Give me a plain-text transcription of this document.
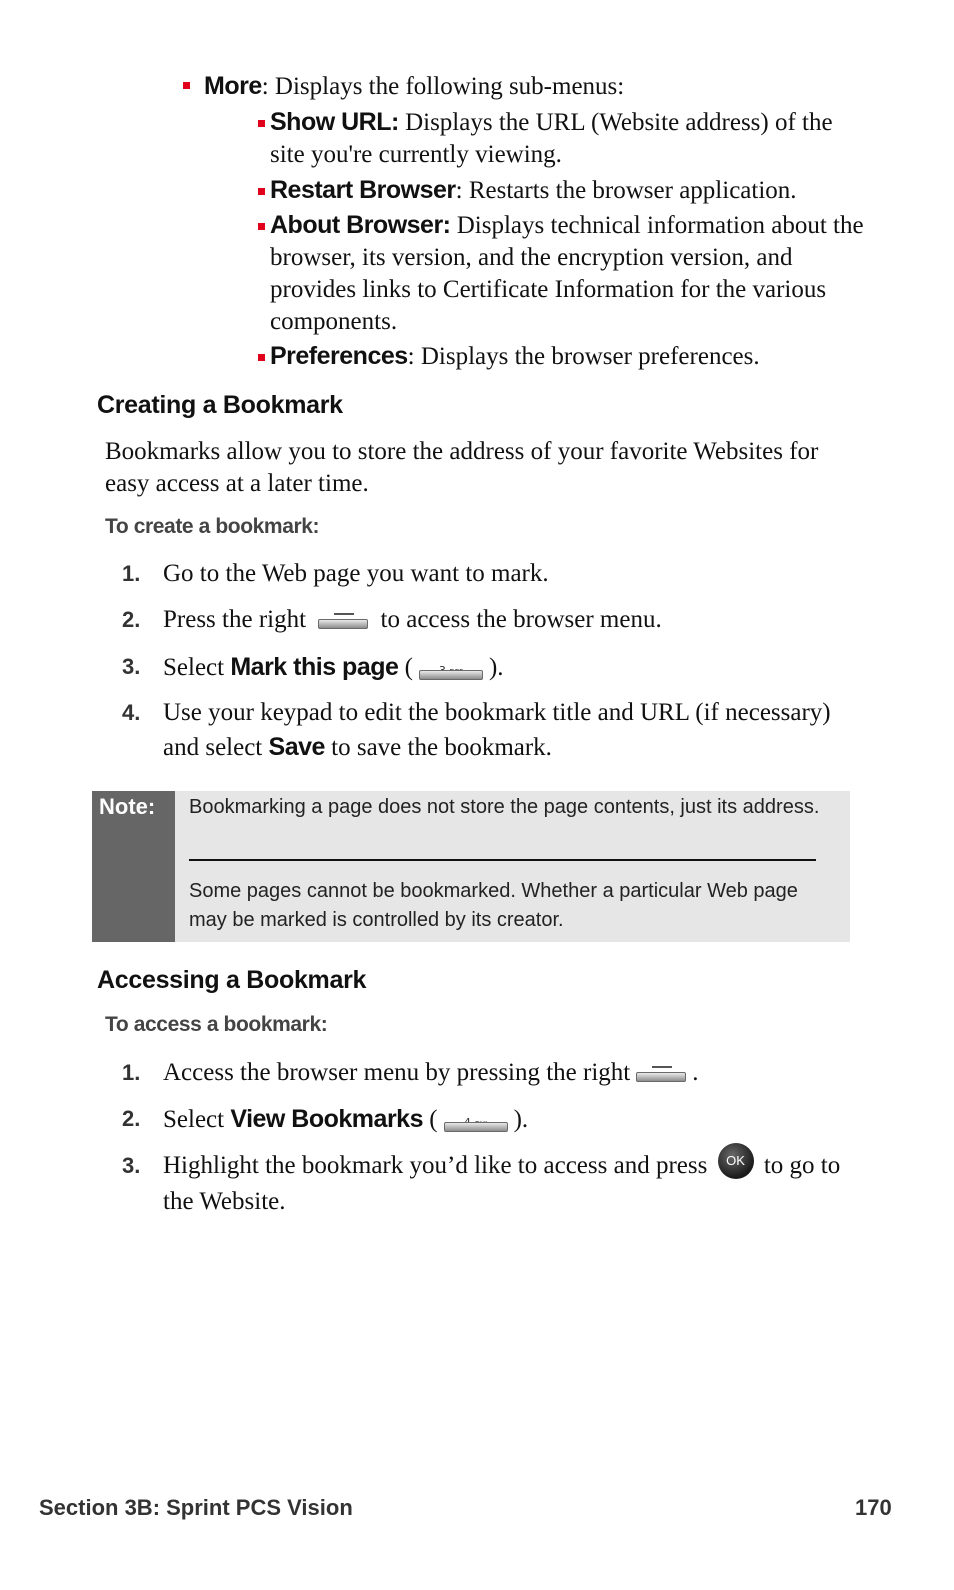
More: Displays the following sub-menus:
Show URL: Displays the URL (Website address) of the site you're currently viewing.
Restart Browser: Restarts the browser application.
About Browser: Displays technical information about the browser, its version, and the encryption version, and provides links to Certificate Information for the various components.
Preferences: Displays the browser preferences.
Creating a Bookmark
Bookmarks allow you to store the address of your favorite Websites for easy access at a later time.
To create a bookmark:
1. Go to the Web page you want to mark.
2. Press the right	to access the browser menu.
3. Select Mark this page (	).
4. Use your keypad to edit the bookmark title and URL (if necessary) and select Save to save the bookmark.
Note: Bookmarking a page does not store the page contents, just its address.
Some pages cannot be bookmarked. Whether a particular Web page may be marked is controlled by its creator.
Accessing a Bookmark
To access a bookmark:
1. Access the browser menu by pressing the right .
2. Select View Bookmarks (	).
3. Highlight the bookmark you’d like to access and press OK to go to the Website.
Section 3B: Sprint PCS Vision	170
